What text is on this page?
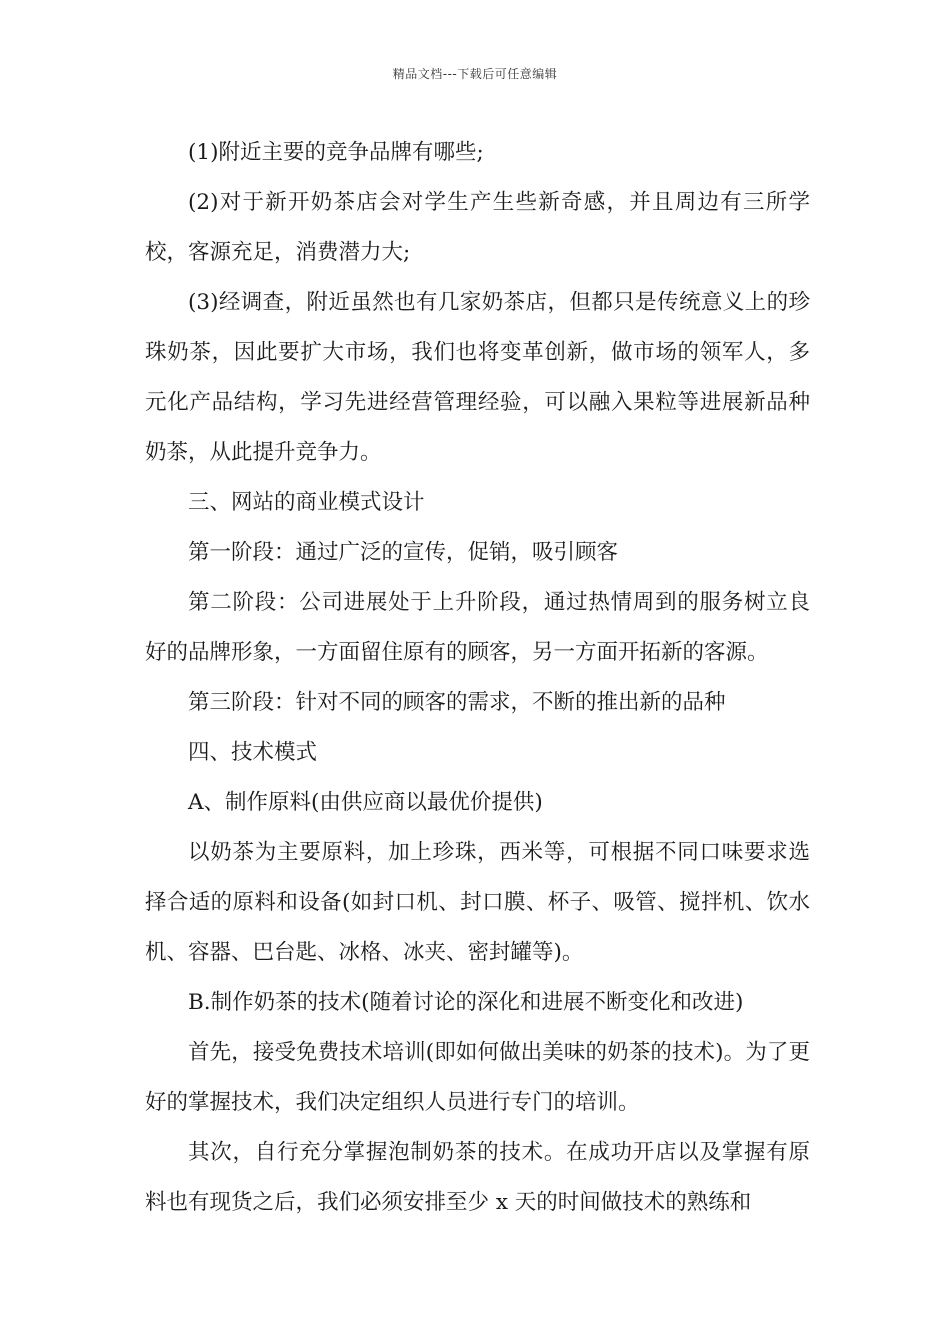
精品文档---下载后可任意编辑

(1)附近主要的竞争品牌有哪些;

(2)对于新开奶茶店会对学生产生些新奇感，并且周边有三所学校，客源充足，消费潜力大;

(3)经调查，附近虽然也有几家奶茶店，但都只是传统意义上的珍珠奶茶，因此要扩大市场，我们也将变革创新，做市场的领军人，多元化产品结构，学习先进经营管理经验，可以融入果粒等进展新品种奶茶，从此提升竞争力。

三、网站的商业模式设计

第一阶段：通过广泛的宣传，促销，吸引顾客

第二阶段：公司进展处于上升阶段，通过热情周到的服务树立良好的品牌形象，一方面留住原有的顾客，另一方面开拓新的客源。

第三阶段：针对不同的顾客的需求，不断的推出新的品种

四、技术模式

A、制作原料(由供应商以最优价提供)

以奶茶为主要原料，加上珍珠，西米等，可根据不同口味要求选择合适的原料和设备(如封口机、封口膜、杯子、吸管、搅拌机、饮水机、容器、巴台匙、冰格、冰夹、密封罐等)。

B.制作奶茶的技术(随着讨论的深化和进展不断变化和改进)

首先，接受免费技术培训(即如何做出美味的奶茶的技术)。为了更好的掌握技术，我们决定组织人员进行专门的培训。

其次，自行充分掌握泡制奶茶的技术。在成功开店以及掌握有原料也有现货之后，我们必须安排至少 x 天的时间做技术的熟练和
